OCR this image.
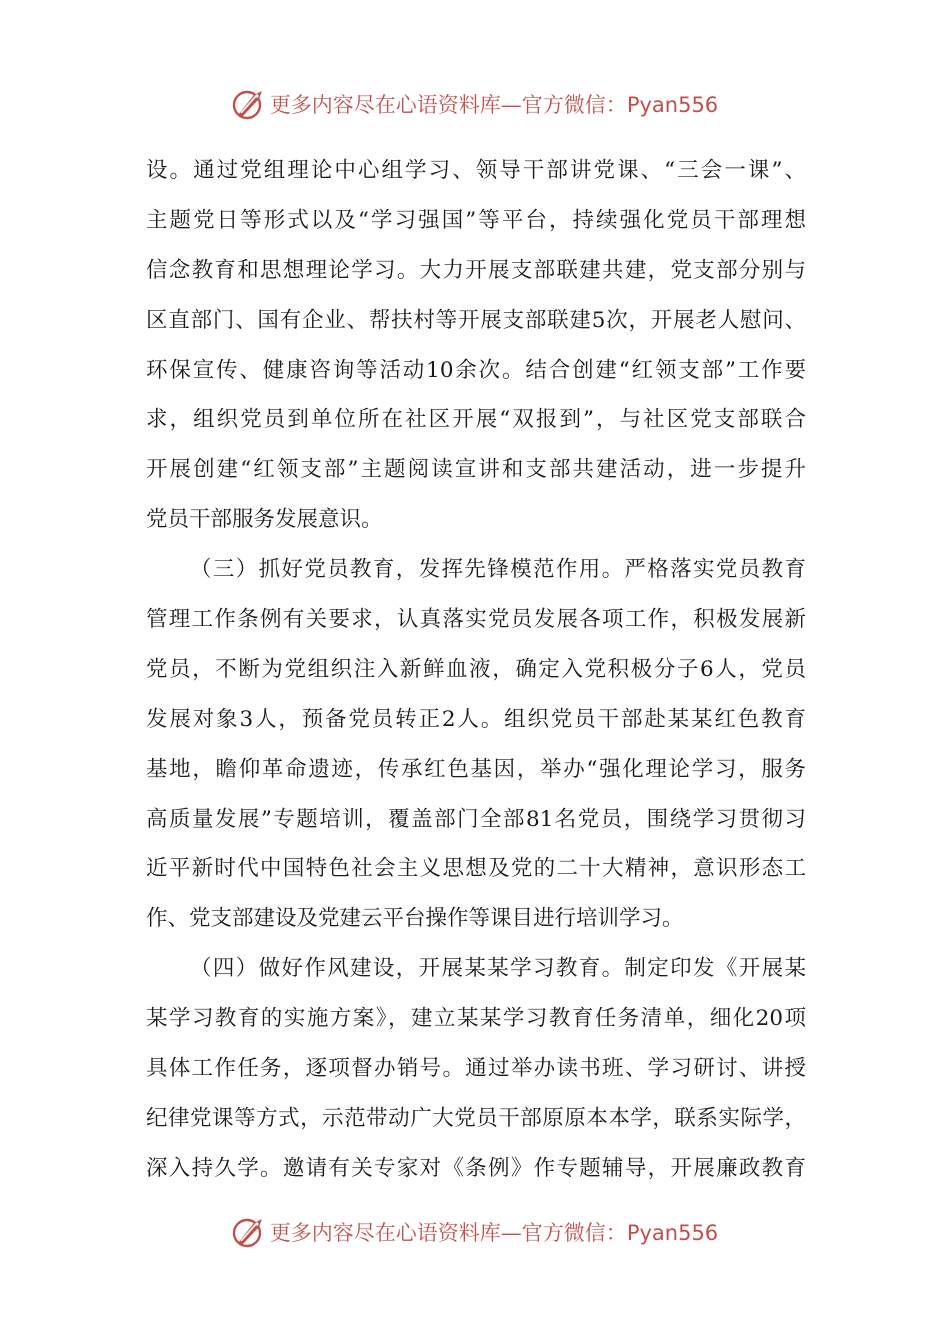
更多内容尽在心语资料库—官方微信：Pyan556
设。通过党组理论中心组学习、领导干部讲党课、“三会一课”、
主题党日等形式以及“学习强国”等平台，持续强化党员干部理想
信念教育和思想理论学习。大力开展支部联建共建，党支部分别与
区直部门、国有企业、帮扶村等开展支部联建5次，开展老人慰问、
环保宣传、健康咨询等活动10余次。结合创建“红领支部”工作要
求，组织党员到单位所在社区开展“双报到”，与社区党支部联合
开展创建“红领支部”主题阅读宣讲和支部共建活动，进一步提升
党员干部服务发展意识。
（三）抓好党员教育，发挥先锋模范作用。严格落实党员教育
管理工作条例有关要求，认真落实党员发展各项工作，积极发展新
党员，不断为党组织注入新鲜血液，确定入党积极分子6人，党员
发展对象3人，预备党员转正2人。组织党员干部赴某某红色教育
基地，瞻仰革命遗迹，传承红色基因，举办“强化理论学习，服务
高质量发展”专题培训，覆盖部门全部81名党员，围绕学习贯彻习
近平新时代中国特色社会主义思想及党的二十大精神，意识形态工
作、党支部建设及党建云平台操作等课目进行培训学习。
（四）做好作风建设，开展某某学习教育。制定印发《开展某
某学习教育的实施方案》，建立某某学习教育任务清单，细化20项
具体工作任务，逐项督办销号。通过举办读书班、学习研讨、讲授
纪律党课等方式，示范带动广大党员干部原原本本学，联系实际学，
深入持久学。邀请有关专家对《条例》作专题辅导，开展廉政教育
更多内容尽在心语资料库—官方微信：Pyan556
